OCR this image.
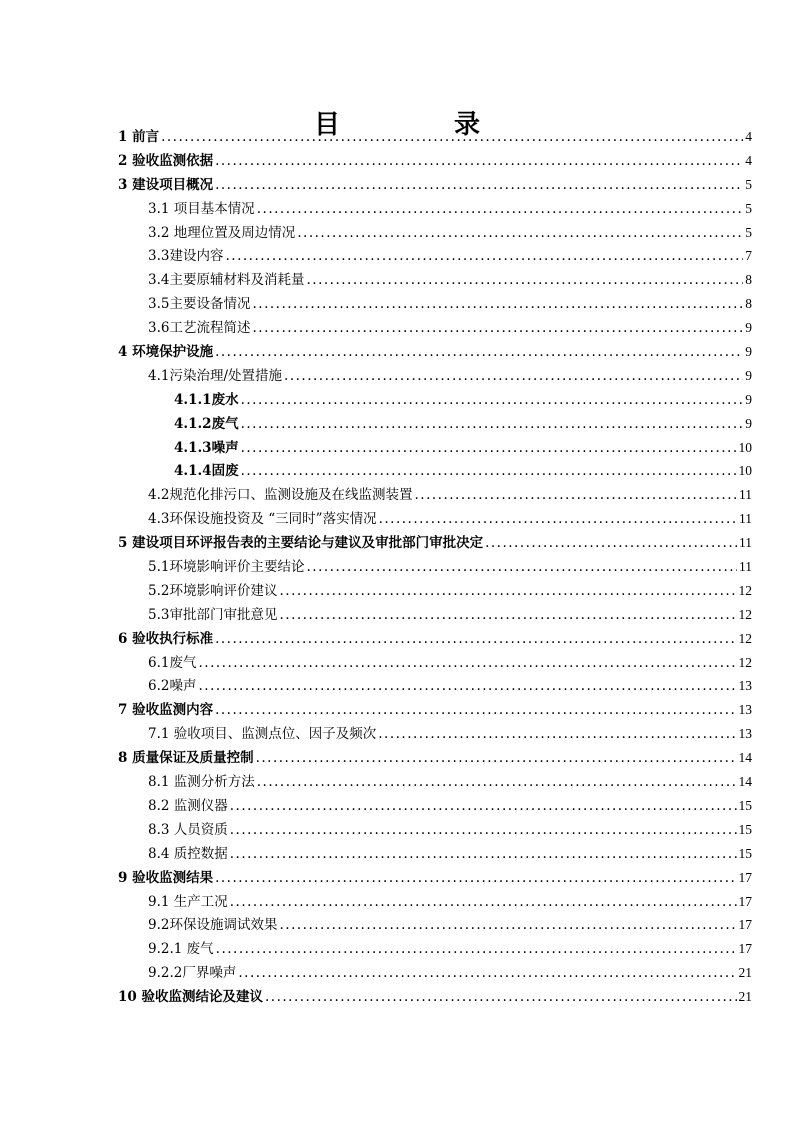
目　录
1 前言 .....	4
2 验收监测依据 .....	4
3 建设项目概况 .....	5
3.1 项目基本情况 .....	5
3.2 地理位置及周边情况 .....	5
3.3建设内容 .....	7
3.4主要原辅材料及消耗量 .....	8
3.5主要设备情况 .....	8
3.6工艺流程简述 .....	9
4 环境保护设施 .....	9
4.1污染治理/处置措施 .....	9
4.1.1废水 .....	9
4.1.2废气 .....	9
4.1.3噪声 .....	10
4.1.4固废 .....	10
4.2规范化排污口、监测设施及在线监测装置 .....	11
4.3环保设施投资及 “三同时”落实情况 .....	11
5 建设项目环评报告表的主要结论与建议及审批部门审批决定 .....	11
5.1环境影响评价主要结论 .....	11
5.2环境影响评价建议 .....	12
5.3审批部门审批意见 .....	12
6 验收执行标准 .....	12
6.1废气 .....	12
6.2噪声 .....	13
7 验收监测内容 .....	13
7.1 验收项目、监测点位、因子及频次 .....	13
8 质量保证及质量控制 .....	14
8.1 监测分析方法 .....	14
8.2 监测仪器 .....	15
8.3 人员资质 .....	15
8.4 质控数据 .....	15
9 验收监测结果 .....	17
9.1 生产工况 .....	17
9.2环保设施调试效果 .....	17
9.2.1 废气 .....	17
9.2.2厂界噪声 .....	21
10 验收监测结论及建议 .....	21
